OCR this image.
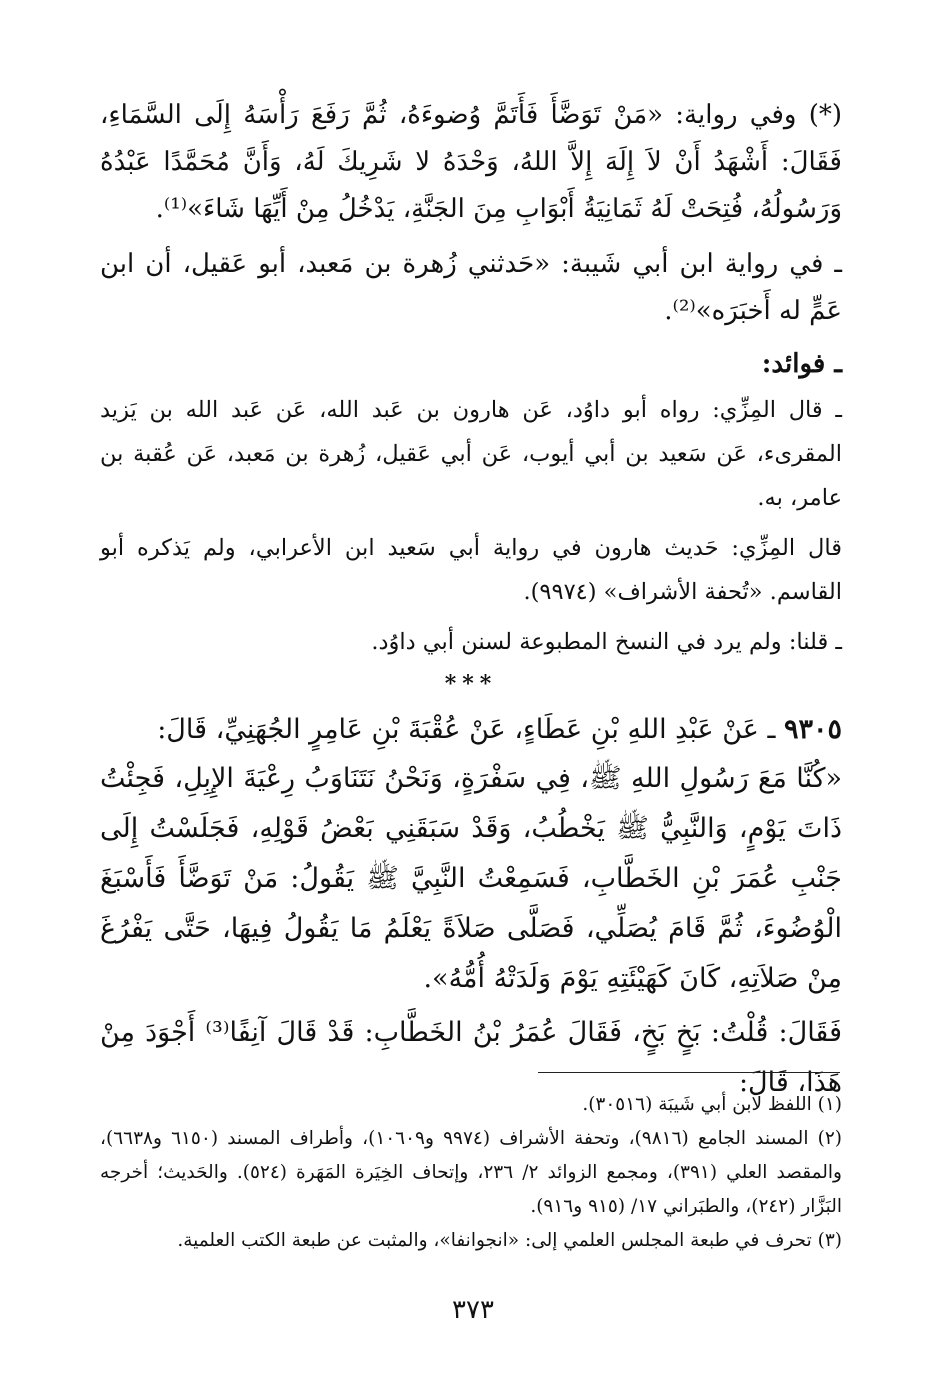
(*) وفي رواية: «مَنْ تَوَضَّأَ فَأَتَمَّ وُضوءَهُ، ثُمَّ رَفَعَ رَأْسَهُ إِلَى السَّمَاءِ، فَقَالَ: أَشْهَدُ أَنْ لاَ إِلَهَ إِلاَّ اللهُ، وَحْدَهُ لا شَرِيكَ لَهُ، وَأَنَّ مُحَمَّدًا عَبْدُهُ وَرَسُولُهُ، فُتِحَتْ لَهُ ثَمَانِيَةُ أَبْوَابِ مِنَ الجَنَّةِ، يَدْخُلُ مِنْ أَيِّهَا شَاءَ»⁽¹⁾.

ـ في رواية ابن أبي شَيبة: «حَدثني زُهرة بن مَعبد، أبو عَقيل، أن ابن عَمٍّ له أَخبَرَه»⁽²⁾.

ـ فوائد:

ـ قال المِزِّي: رواه أبو داوُد، عَن هارون بن عَبد الله، عَن عَبد الله بن يَزيد المقرىء، عَن سَعيد بن أبي أيوب، عَن أبي عَقيل، زُهرة بن مَعبد، عَن عُقبة بن عامر، به.

قال المِزِّي: حَديث هارون في رواية أبي سَعيد ابن الأعرابي، ولم يَذكره أبو القاسم. «تُحفة الأشراف» (٩٩٧٤).

ـ قلنا: ولم يرد في النسخ المطبوعة لسنن أبي داوُد.

***

٩٣٠٥ ـ عَنْ عَبْدِ اللهِ بْنِ عَطَاءٍ، عَنْ عُقْبَةَ بْنِ عَامِرٍ الجُهَنِيِّ، قَالَ:

«كُنَّا مَعَ رَسُولِ اللهِ ﷺ، فِي سَفْرَةٍ، وَنَحْنُ نَتَنَاوَبُ رِعْيَةَ الإِبِلِ، فَجِئْتُ ذَاتَ يَوْمٍ، وَالنَّبِيُّ ﷺ يَخْطُبُ، وَقَدْ سَبَقَنِي بَعْضُ قَوْلِهِ، فَجَلَسْتُ إِلَى جَنْبِ عُمَرَ بْنِ الخَطَّابِ، فَسَمِعْتُ النَّبِيَّ ﷺ يَقُولُ: مَنْ تَوَضَّأَ فَأَسْبَغَ الْوُضُوءَ، ثُمَّ قَامَ يُصَلِّي، فَصَلَّى صَلاَةً يَعْلَمُ مَا يَقُولُ فِيهَا، حَتَّى يَفْرُغَ مِنْ صَلاَتِهِ، كَانَ كَهَيْئَتِهِ يَوْمَ وَلَدَتْهُ أُمُّهُ».

فَقَالَ: قُلْتُ: بَخٍ بَخٍ، فَقَالَ عُمَرُ بْنُ الخَطَّابِ: قَدْ قَالَ آنِفًا⁽³⁾ أَجْوَدَ مِنْ هَذَا، قَالَ:

(١) اللفظ لابن أبي شَيبَة (٣٠٥١٦).

(٢) المسند الجامع (٩٨١٦)، وتحفة الأشراف (٩٩٧٤ و١٠٦٠٩)، وأطراف المسند (٦١٥٠ و٦٦٣٨)، والمقصد العلي (٣٩١)، ومجمع الزوائد ٢/ ٢٣٦، وإتحاف الخِيَرة المَهَرة (٥٢٤). والحَديث؛ أخرجه البَزَّار (٢٤٢)، والطبَراني ١٧/ (٩١٥ و٩١٦).

(٣) تحرف في طبعة المجلس العلمي إلى: «انجوانفا»، والمثبت عن طبعة الكتب العلمية.

٣٧٣
